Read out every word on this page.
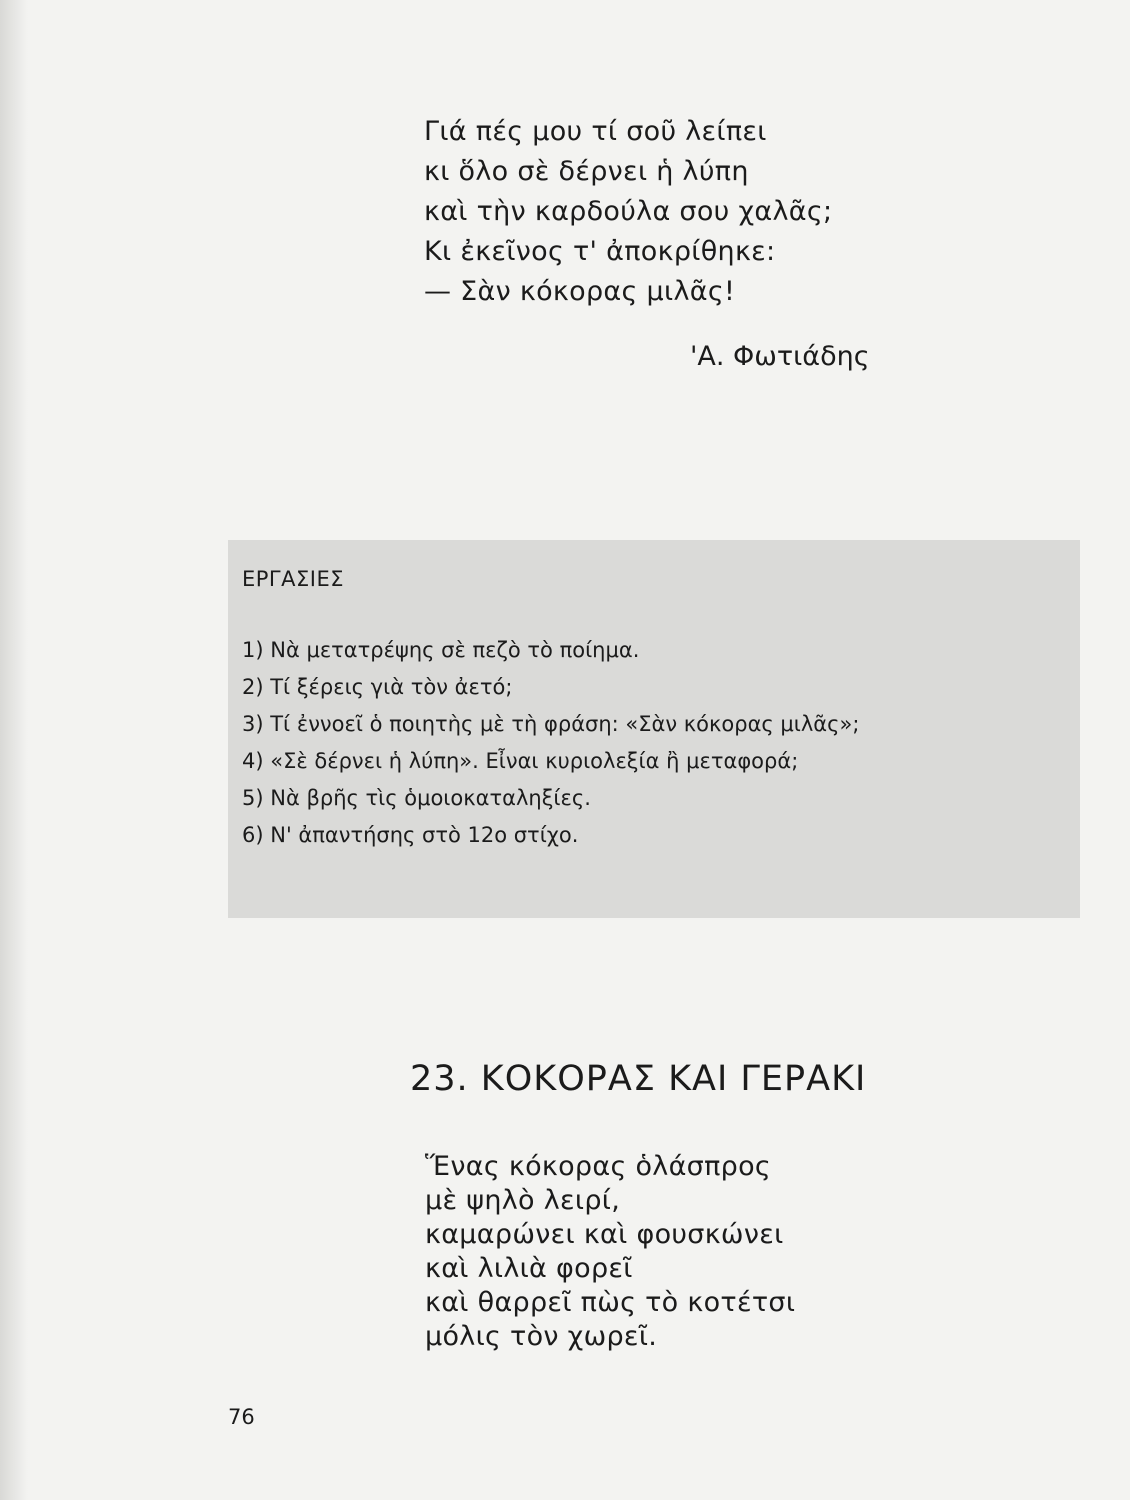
Γιά πές μου τί σοῦ λείπει
κι ὅλο σὲ δέρνει ἡ λύπη
καὶ τὴν καρδούλα σου χαλᾶς;
Κι ἐκεῖνος τ' ἀποκρίθηκε:
— Σὰν κόκορας μιλᾶς!
'Α. Φωτιάδης
ΕΡΓΑΣΙΕΣ
1) Νὰ μετατρέψης σὲ πεζὸ τὸ ποίημα.
2) Τί ξέρεις γιὰ τὸν ἀετό;
3) Τί ἐννοεῖ ὁ ποιητὴς μὲ τὴ φράση: «Σὰν κόκορας μιλᾶς»;
4) «Σὲ δέρνει ἡ λύπη». Εἶναι κυριολεξία ἢ μεταφορά;
5) Νὰ βρῆς τὶς ὁμοιοκαταληξίες.
6) Ν' ἀπαντήσης στὸ 12ο στίχο.
23. ΚΟΚΟΡΑΣ ΚΑΙ ΓΕΡΑΚΙ
Ἕνας κόκορας ὁλάσπρος
μὲ ψηλὸ λειρί,
καμαρώνει καὶ φουσκώνει
καὶ λιλιὰ φορεῖ
καὶ θαρρεῖ πὼς τὸ κοτέτσι
μόλις τὸν χωρεῖ.
76
